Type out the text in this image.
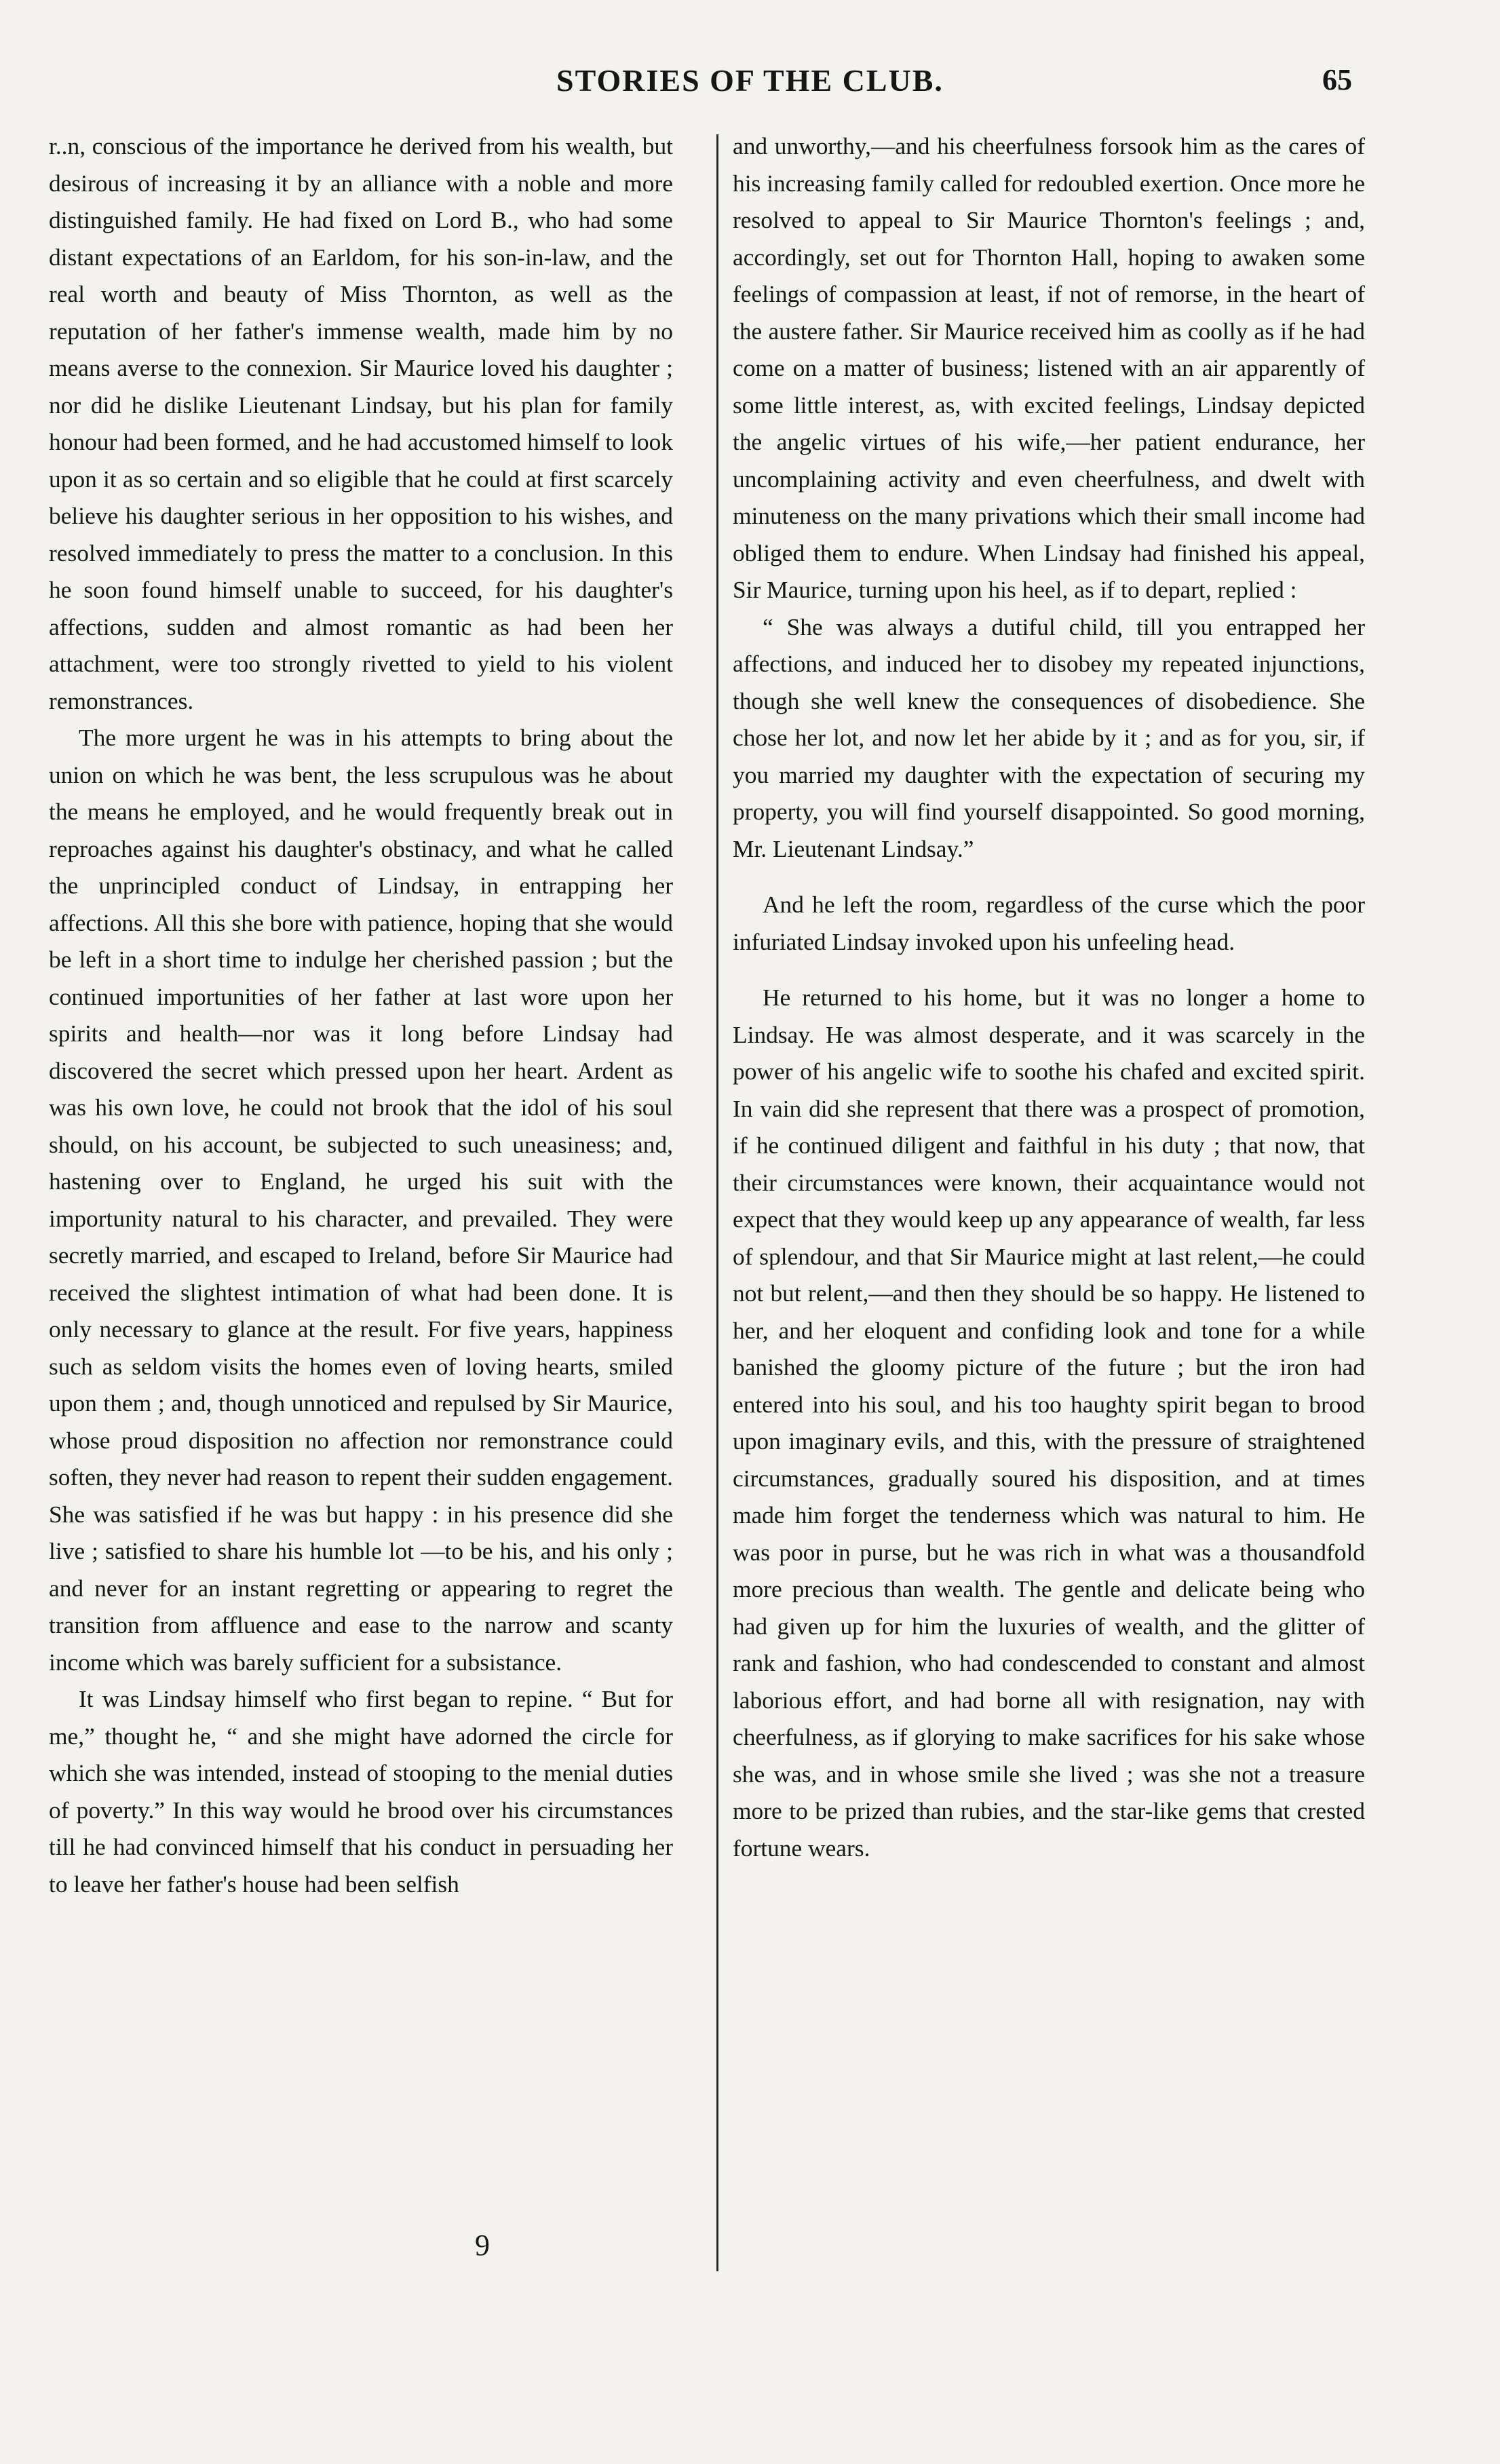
STORIES OF THE CLUB.	65

r..n, conscious of the importance he derived from his wealth, but desirous of increasing it by an alliance with a noble and more distinguished family. He had fixed on Lord B., who had some distant expectations of an Earldom, for his son-in-law, and the real worth and beauty of Miss Thornton, as well as the reputation of her father's immense wealth, made him by no means averse to the connexion. Sir Maurice loved his daughter ; nor did he dislike Lieutenant Lindsay, but his plan for family honour had been formed, and he had accustomed himself to look upon it as so certain and so eligible that he could at first scarcely believe his daughter serious in her opposition to his wishes, and resolved immediately to press the matter to a conclusion. In this he soon found himself unable to succeed, for his daughter's affections, sudden and almost romantic as had been her attachment, were too strongly rivetted to yield to his violent remonstrances.

The more urgent he was in his attempts to bring about the union on which he was bent, the less scrupulous was he about the means he employed, and he would frequently break out in reproaches against his daughter's obstinacy, and what he called the unprincipled conduct of Lindsay, in entrapping her affections. All this she bore with patience, hoping that she would be left in a short time to indulge her cherished passion ; but the continued importunities of her father at last wore upon her spirits and health—nor was it long before Lindsay had discovered the secret which pressed upon her heart. Ardent as was his own love, he could not brook that the idol of his soul should, on his account, be subjected to such uneasiness; and, hastening over to England, he urged his suit with the importunity natural to his character, and prevailed. They were secretly married, and escaped to Ireland, before Sir Maurice had received the slightest intimation of what had been done. It is only necessary to glance at the result. For five years, happiness such as seldom visits the homes even of loving hearts, smiled upon them ; and, though unnoticed and repulsed by Sir Maurice, whose proud disposition no affection nor remonstrance could soften, they never had reason to repent their sudden engagement. She was satisfied if he was but happy : in his presence did she live ; satisfied to share his humble lot —to be his, and his only ; and never for an instant regretting or appearing to regret the transition from affluence and ease to the narrow and scanty income which was barely sufficient for a subsistance.

It was Lindsay himself who first began to repine. “ But for me,” thought he, “ and she might have adorned the circle for which she was intended, instead of stooping to the menial duties of poverty.” In this way would he brood over his circumstances till he had convinced himself that his conduct in persuading her to leave her father's house had been selfish

and unworthy,—and his cheerfulness forsook him as the cares of his increasing family called for redoubled exertion. Once more he resolved to appeal to Sir Maurice Thornton's feelings ; and, accordingly, set out for Thornton Hall, hoping to awaken some feelings of compassion at least, if not of remorse, in the heart of the austere father. Sir Maurice received him as coolly as if he had come on a matter of business; listened with an air apparently of some little interest, as, with excited feelings, Lindsay depicted the angelic virtues of his wife,—her patient endurance, her uncomplaining activity and even cheerfulness, and dwelt with minuteness on the many privations which their small income had obliged them to endure. When Lindsay had finished his appeal, Sir Maurice, turning upon his heel, as if to depart, replied :

“ She was always a dutiful child, till you entrapped her affections, and induced her to disobey my repeated injunctions, though she well knew the consequences of disobedience. She chose her lot, and now let her abide by it ; and as for you, sir, if you married my daughter with the expectation of securing my property, you will find yourself disappointed. So good morning, Mr. Lieutenant Lindsay.”

And he left the room, regardless of the curse which the poor infuriated Lindsay invoked upon his unfeeling head.

He returned to his home, but it was no longer a home to Lindsay. He was almost desperate, and it was scarcely in the power of his angelic wife to soothe his chafed and excited spirit. In vain did she represent that there was a prospect of promotion, if he continued diligent and faithful in his duty ; that now, that their circumstances were known, their acquaintance would not expect that they would keep up any appearance of wealth, far less of splendour, and that Sir Maurice might at last relent,—he could not but relent,—and then they should be so happy. He listened to her, and her eloquent and confiding look and tone for a while banished the gloomy picture of the future ; but the iron had entered into his soul, and his too haughty spirit began to brood upon imaginary evils, and this, with the pressure of straightened circumstances, gradually soured his disposition, and at times made him forget the tenderness which was natural to him. He was poor in purse, but he was rich in what was a thousandfold more precious than wealth. The gentle and delicate being who had given up for him the luxuries of wealth, and the glitter of rank and fashion, who had condescended to constant and almost laborious effort, and had borne all with resignation, nay with cheerfulness, as if glorying to make sacrifices for his sake whose she was, and in whose smile she lived ; was she not a treasure more to be prized than rubies, and the star-like gems that crested fortune wears.

9
